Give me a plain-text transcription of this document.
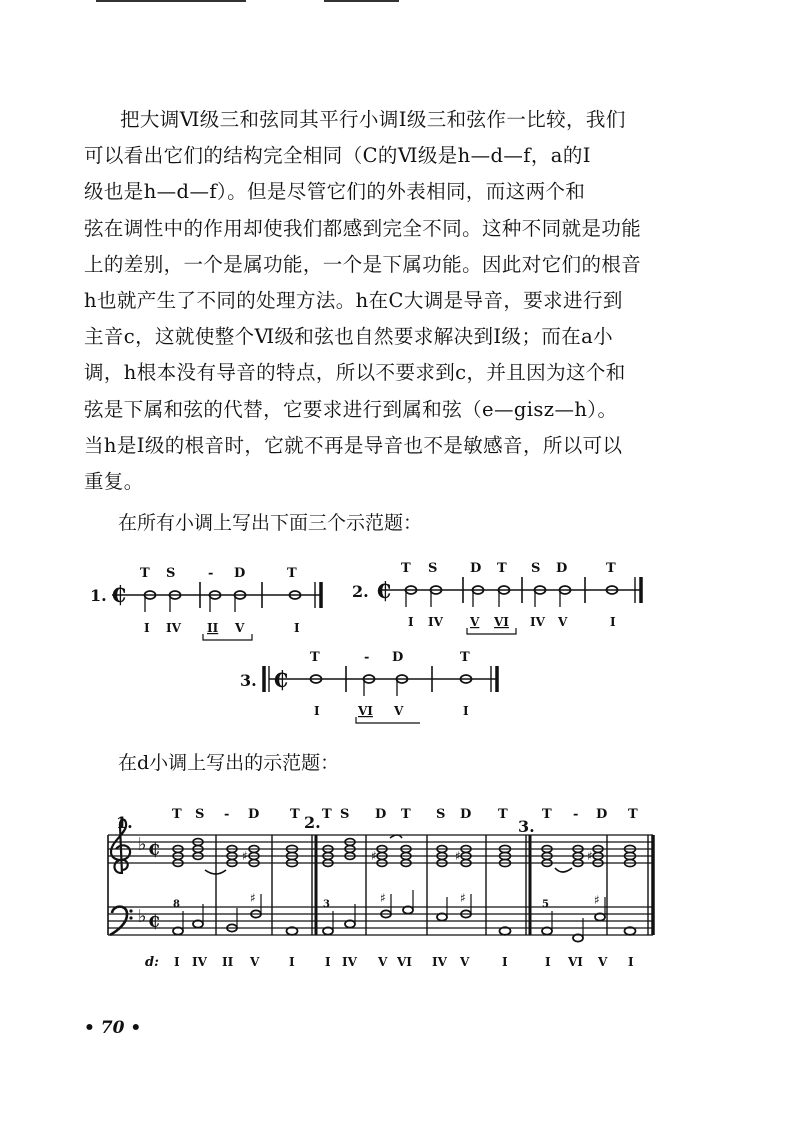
把大调Ⅵ级三和弦同其平行小调Ⅰ级三和弦作一比较，我们

可以看出它们的结构完全相同（C的Ⅵ级是h—d—f，a的Ⅰ

级也是h—d—f）。但是尽管它们的外表相同，而这两个和

弦在调性中的作用却使我们都感到完全不同。这种不同就是功能

上的差别，一个是属功能，一个是下属功能。因此对它们的根音

h也就产生了不同的处理方法。h在C大调是导音，要求进行到

主音c，这就使整个Ⅵ级和弦也自然要求解决到Ⅰ级；而在a小

调，h根本没有导音的特点，所以不要求到c，并且因为这个和

弦是下属和弦的代替，它要求进行到属和弦（e—gisz—h）。

当h是Ⅰ级的根音时，它就不再是导音也不是敏感音，所以可以

重复。

在所有小调上写出下面三个示范题：
在d小调上写出的示范题：
1. ₵
T S	- D	T
I IV II V	I
2. ₵
T S	D T S D	T
I IV V VI IV V	I
3. ₵
T	- D	T
I	VI V	I
1.	2.	3.
T S - D T T S D T S D T	T - D T
♭
♭
₵
₵
♯	♯	♯	♯
♯	♯	♯	♯
8	3	5
d: I IV II V I	I IV V VI IV V	I	I VI V I
• 70 •
